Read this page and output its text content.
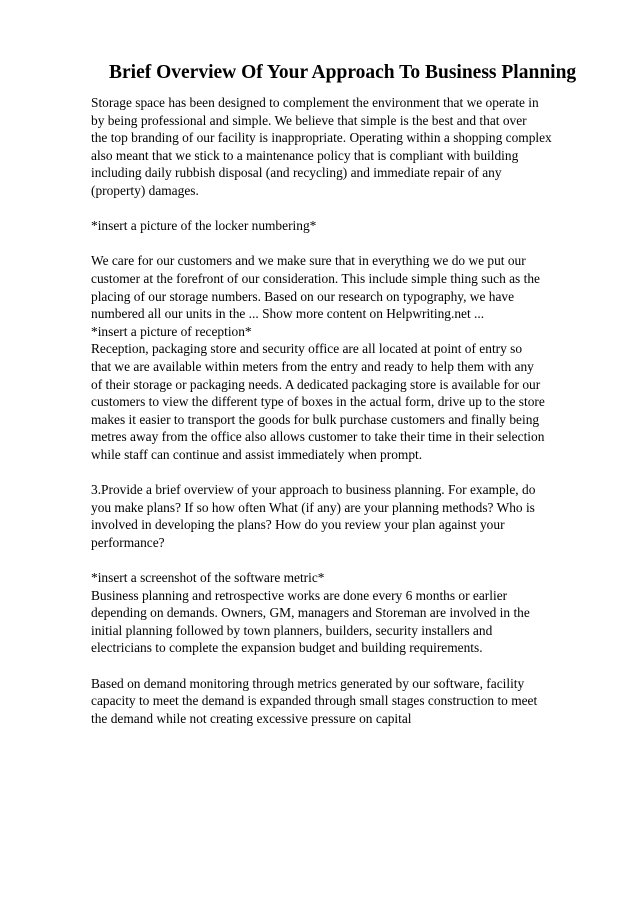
Brief Overview Of Your Approach To Business Planning

Storage space has been designed to complement the environment that we operate in
by being professional and simple. We believe that simple is the best and that over
the top branding of our facility is inappropriate. Operating within a shopping complex
also meant that we stick to a maintenance policy that is compliant with building
including daily rubbish disposal (and recycling) and immediate repair of any
(property) damages.

*insert a picture of the locker numbering*

We care for our customers and we make sure that in everything we do we put our
customer at the forefront of our consideration. This include simple thing such as the
placing of our storage numbers. Based on our research on typography, we have
numbered all our units in the ... Show more content on Helpwriting.net ...
*insert a picture of reception*
Reception, packaging store and security office are all located at point of entry so
that we are available within meters from the entry and ready to help them with any
of their storage or packaging needs. A dedicated packaging store is available for our
customers to view the different type of boxes in the actual form, drive up to the store
makes it easier to transport the goods for bulk purchase customers and finally being
metres away from the office also allows customer to take their time in their selection
while staff can continue and assist immediately when prompt.

3.Provide a brief overview of your approach to business planning. For example, do
you make plans? If so how often What (if any) are your planning methods? Who is
involved in developing the plans? How do you review your plan against your
performance?

*insert a screenshot of the software metric*
Business planning and retrospective works are done every 6 months or earlier
depending on demands. Owners, GM, managers and Storeman are involved in the
initial planning followed by town planners, builders, security installers and
electricians to complete the expansion budget and building requirements.

Based on demand monitoring through metrics generated by our software, facility
capacity to meet the demand is expanded through small stages construction to meet
the demand while not creating excessive pressure on capital
